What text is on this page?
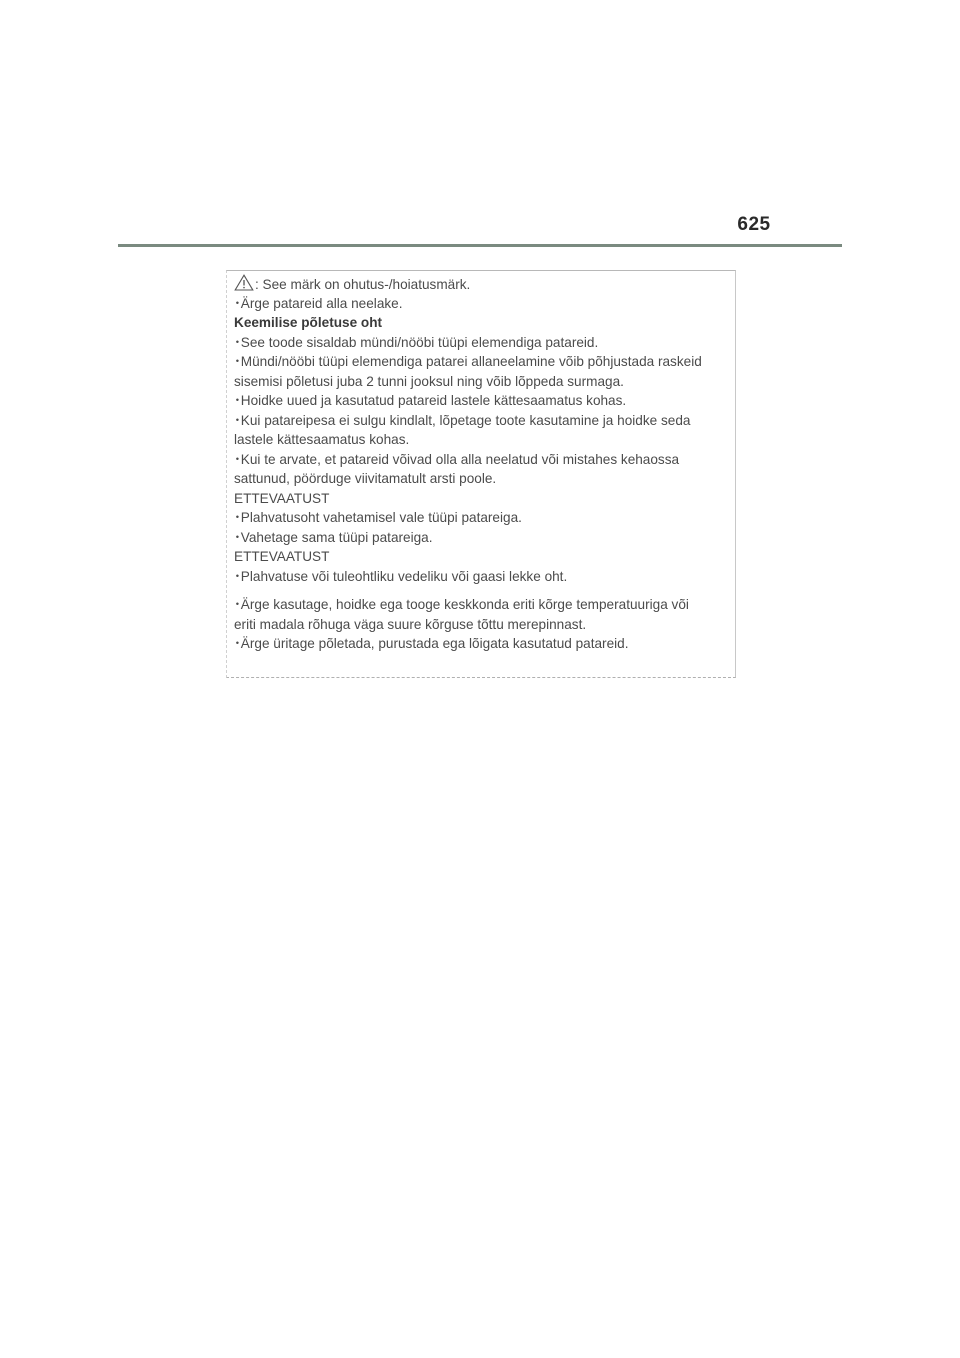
625
: See märk on ohutus-/hoiatusmärk.
･Ärge patareid alla neelake.
Keemilise põletuse oht
･See toode sisaldab mündi/nööbi tüüpi elemendiga patareid.
･Mündi/nööbi tüüpi elemendiga patarei allaneelamine võib põhjustada raskeid
sisemisi põletusi juba 2 tunni jooksul ning võib lõppeda surmaga.
･Hoidke uued ja kasutatud patareid lastele kättesaamatus kohas.
･Kui patareipesa ei sulgu kindlalt, lõpetage toote kasutamine ja hoidke seda
lastele kättesaamatus kohas.
･Kui te arvate, et patareid võivad olla alla neelatud või mistahes kehaossa
sattunud, pöörduge viivitamatult arsti poole.
ETTEVAATUST
･Plahvatusoht vahetamisel vale tüüpi patareiga.
･Vahetage sama tüüpi patareiga.
ETTEVAATUST
･Plahvatuse või tuleohtliku vedeliku või gaasi lekke oht.
･Ärge kasutage, hoidke ega tooge keskkonda eriti kõrge temperatuuriga või
eriti madala rõhuga väga suure kõrguse tõttu merepinnast.
･Ärge üritage põletada, purustada ega lõigata kasutatud patareid.
